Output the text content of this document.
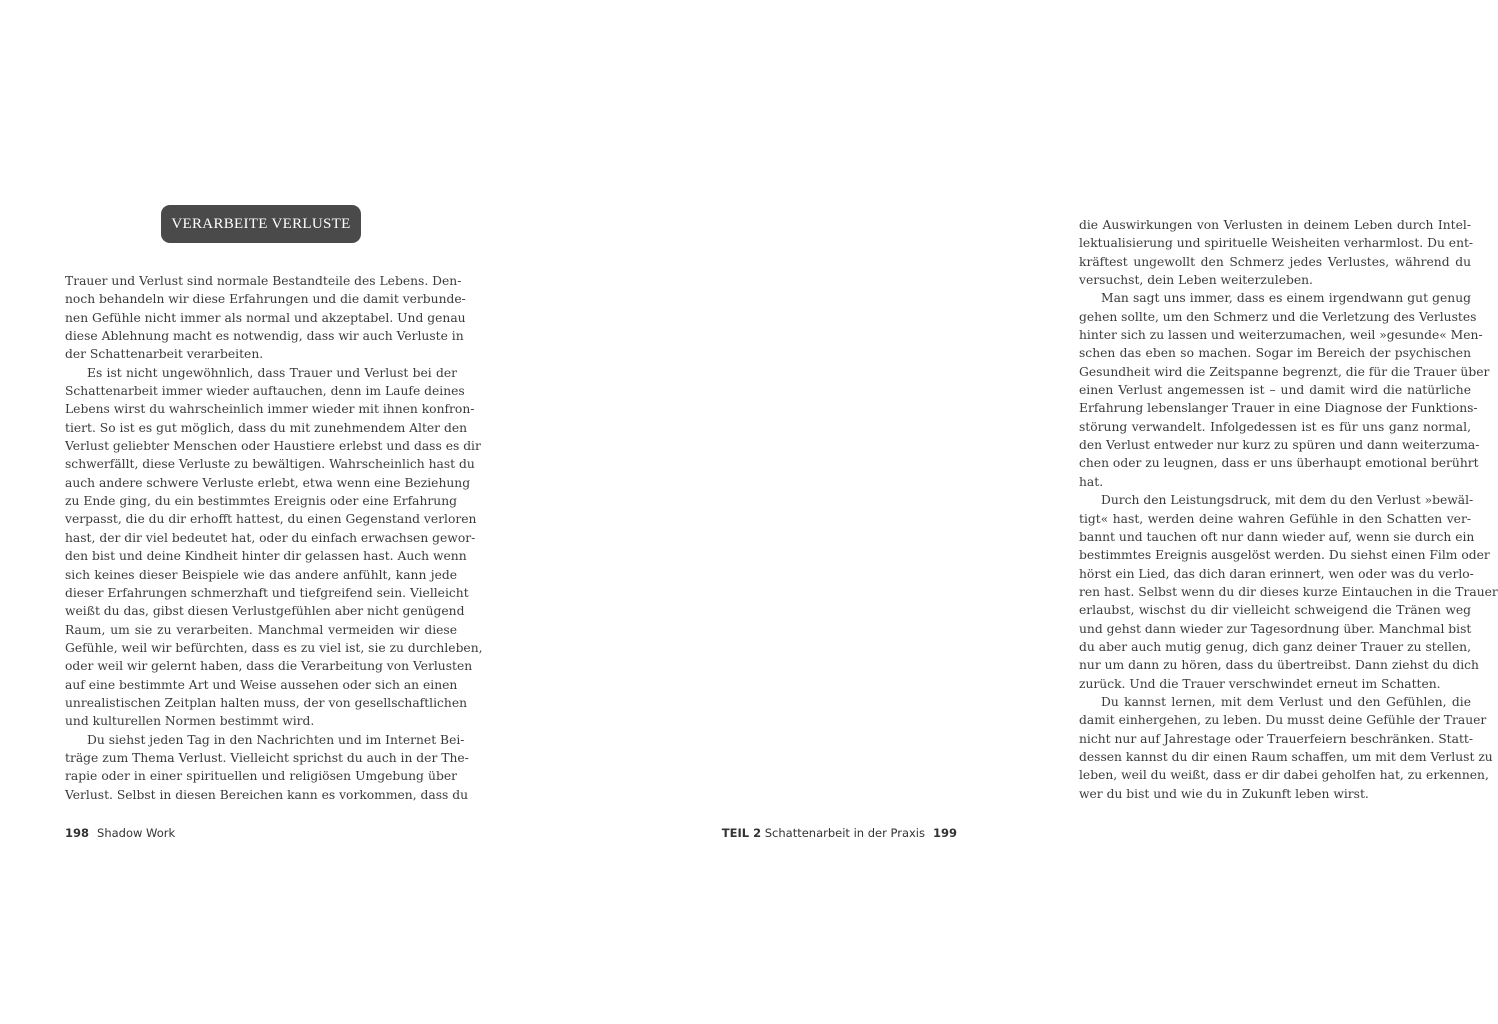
VERARBEITE VERLUSTE
Trauer und Verlust sind normale Bestandteile des Lebens. Den-
noch behandeln wir diese Erfahrungen und die damit verbunde-
nen Gefühle nicht immer als normal und akzeptabel. Und genau
diese Ablehnung macht es notwendig, dass wir auch Verluste in
der Schattenarbeit verarbeiten.
Es ist nicht ungewöhnlich, dass Trauer und Verlust bei der
Schattenarbeit immer wieder auftauchen, denn im Laufe deines
Lebens wirst du wahrscheinlich immer wieder mit ihnen konfron-
tiert. So ist es gut möglich, dass du mit zunehmendem Alter den
Verlust geliebter Menschen oder Haustiere erlebst und dass es dir
schwerfällt, diese Verluste zu bewältigen. Wahrscheinlich hast du
auch andere schwere Verluste erlebt, etwa wenn eine Beziehung
zu Ende ging, du ein bestimmtes Ereignis oder eine Erfahrung
verpasst, die du dir erhofft hattest, du einen Gegenstand verloren
hast, der dir viel bedeutet hat, oder du einfach erwachsen gewor-
den bist und deine Kindheit hinter dir gelassen hast. Auch wenn
sich keines dieser Beispiele wie das andere anfühlt, kann jede
dieser Erfahrungen schmerzhaft und tiefgreifend sein. Vielleicht
weißt du das, gibst diesen Verlustgefühlen aber nicht genügend
Raum, um sie zu verarbeiten. Manchmal vermeiden wir diese
Gefühle, weil wir befürchten, dass es zu viel ist, sie zu durchleben,
oder weil wir gelernt haben, dass die Verarbeitung von Verlusten
auf eine bestimmte Art und Weise aussehen oder sich an einen
unrealistischen Zeitplan halten muss, der von gesellschaftlichen
und kulturellen Normen bestimmt wird.
Du siehst jeden Tag in den Nachrichten und im Internet Bei-
träge zum Thema Verlust. Vielleicht sprichst du auch in der The-
rapie oder in einer spirituellen und religiösen Umgebung über
Verlust. Selbst in diesen Bereichen kann es vorkommen, dass du
198 Shadow Work
die Auswirkungen von Verlusten in deinem Leben durch Intel-
lektualisierung und spirituelle Weisheiten verharmlost. Du ent-
kräftest ungewollt den Schmerz jedes Verlustes, während du
versuchst, dein Leben weiterzuleben.
Man sagt uns immer, dass es einem irgendwann gut genug
gehen sollte, um den Schmerz und die Verletzung des Verlustes
hinter sich zu lassen und weiterzumachen, weil »gesunde« Men-
schen das eben so machen. Sogar im Bereich der psychischen
Gesundheit wird die Zeitspanne begrenzt, die für die Trauer über
einen Verlust angemessen ist – und damit wird die natürliche
Erfahrung lebenslanger Trauer in eine Diagnose der Funktions-
störung verwandelt. Infolgedessen ist es für uns ganz normal,
den Verlust entweder nur kurz zu spüren und dann weiterzuma-
chen oder zu leugnen, dass er uns überhaupt emotional berührt
hat.
Durch den Leistungsdruck, mit dem du den Verlust »bewäl-
tigt« hast, werden deine wahren Gefühle in den Schatten ver-
bannt und tauchen oft nur dann wieder auf, wenn sie durch ein
bestimmtes Ereignis ausgelöst werden. Du siehst einen Film oder
hörst ein Lied, das dich daran erinnert, wen oder was du verlo-
ren hast. Selbst wenn du dir dieses kurze Eintauchen in die Trauer
erlaubst, wischst du dir vielleicht schweigend die Tränen weg
und gehst dann wieder zur Tagesordnung über. Manchmal bist
du aber auch mutig genug, dich ganz deiner Trauer zu stellen,
nur um dann zu hören, dass du übertreibst. Dann ziehst du dich
zurück. Und die Trauer verschwindet erneut im Schatten.
Du kannst lernen, mit dem Verlust und den Gefühlen, die
damit einhergehen, zu leben. Du musst deine Gefühle der Trauer
nicht nur auf Jahrestage oder Trauerfeiern beschränken. Statt-
dessen kannst du dir einen Raum schaffen, um mit dem Verlust zu
leben, weil du weißt, dass er dir dabei geholfen hat, zu erkennen,
wer du bist und wie du in Zukunft leben wirst.
TEIL 2 Schattenarbeit in der Praxis 199
